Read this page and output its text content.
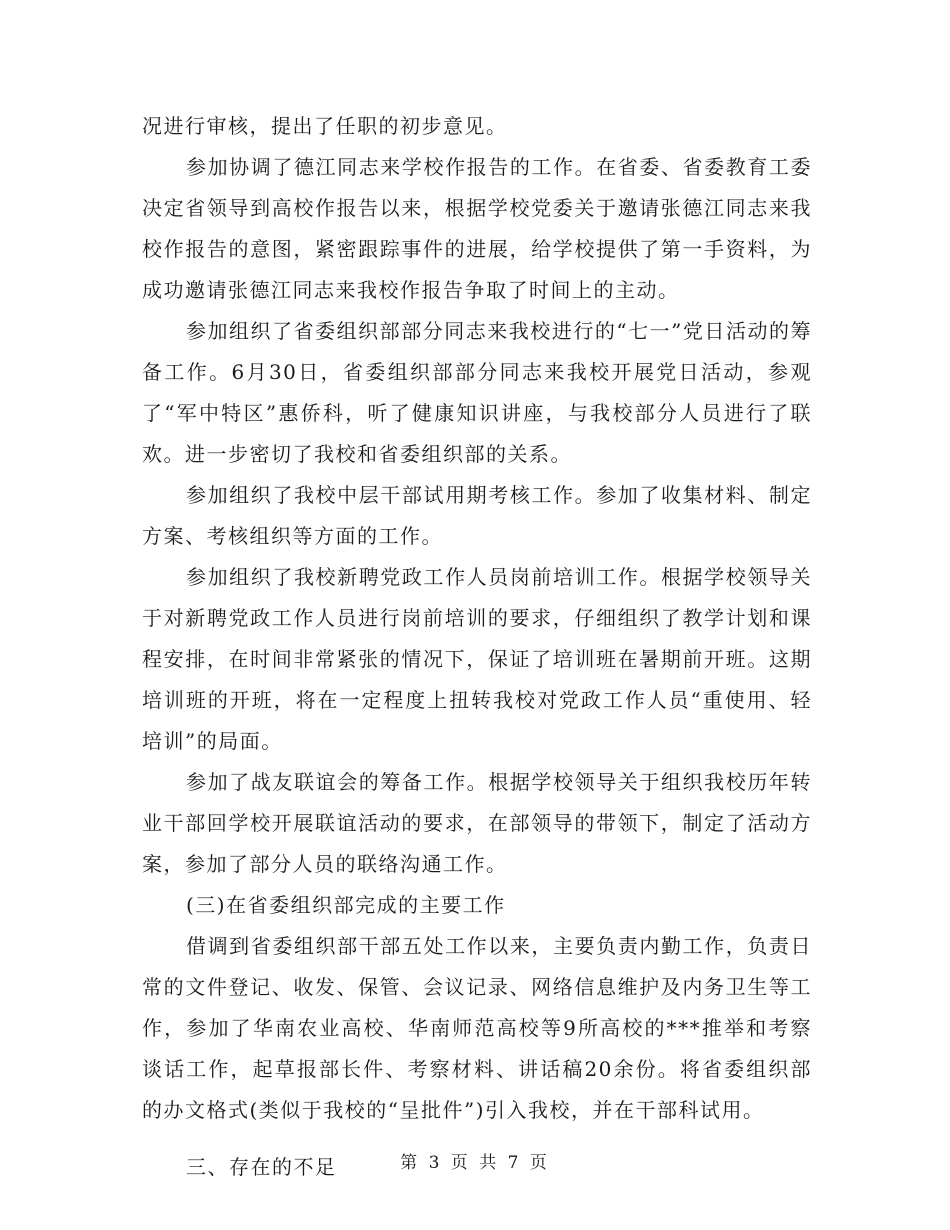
况进行审核，提出了任职的初步意见。

参加协调了德江同志来学校作报告的工作。在省委、省委教育工委决定省领导到高校作报告以来，根据学校党委关于邀请张德江同志来我校作报告的意图，紧密跟踪事件的进展，给学校提供了第一手资料，为成功邀请张德江同志来我校作报告争取了时间上的主动。

参加组织了省委组织部部分同志来我校进行的“七一”党日活动的筹备工作。6月30日，省委组织部部分同志来我校开展党日活动，参观了“军中特区”惠侨科，听了健康知识讲座，与我校部分人员进行了联欢。进一步密切了我校和省委组织部的关系。

参加组织了我校中层干部试用期考核工作。参加了收集材料、制定方案、考核组织等方面的工作。

参加组织了我校新聘党政工作人员岗前培训工作。根据学校领导关于对新聘党政工作人员进行岗前培训的要求，仔细组织了教学计划和课程安排，在时间非常紧张的情况下，保证了培训班在暑期前开班。这期培训班的开班，将在一定程度上扭转我校对党政工作人员“重使用、轻培训”的局面。

参加了战友联谊会的筹备工作。根据学校领导关于组织我校历年转业干部回学校开展联谊活动的要求，在部领导的带领下，制定了活动方案，参加了部分人员的联络沟通工作。

(三)在省委组织部完成的主要工作

借调到省委组织部干部五处工作以来，主要负责内勤工作，负责日常的文件登记、收发、保管、会议记录、网络信息维护及内务卫生等工作，参加了华南农业高校、华南师范高校等9所高校的***推举和考察谈话工作，起草报部长件、考察材料、讲话稿20余份。将省委组织部的办文格式(类似于我校的“呈批件”)引入我校，并在干部科试用。

三、存在的不足	第 3 页 共 7 页
